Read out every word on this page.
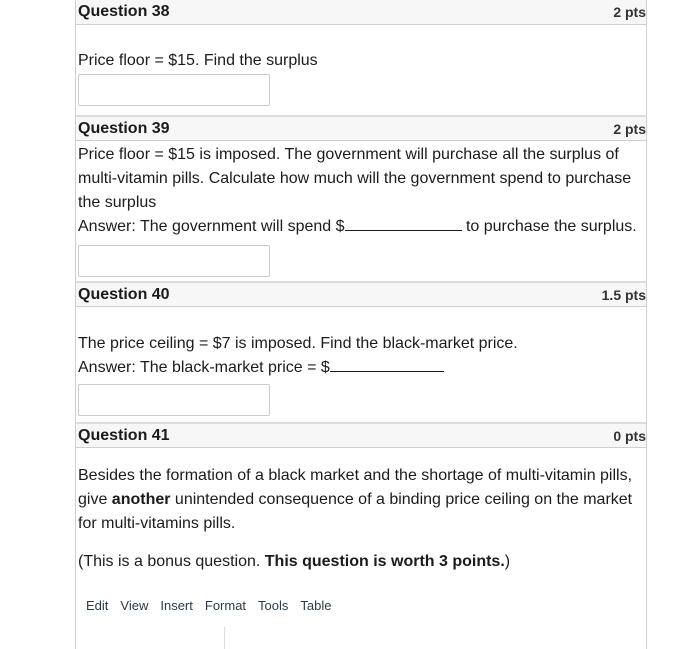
Question 38	2 pts
Price floor = $15. Find the surplus
Question 39	2 pts
Price floor = $15 is imposed. The government will purchase all the surplus of multi-vitamin pills. Calculate how much will the government spend to purchase the surplus
Answer: The government will spend $	to purchase the surplus.
Question 40	1.5 pts
The price ceiling = $7 is imposed. Find the black-market price.
Answer: The black-market price = $
Question 41	0 pts
Besides the formation of a black market and the shortage of multi-vitamin pills, give another unintended consequence of a binding price ceiling on the market for multi-vitamins pills.
(This is a bonus question. This question is worth 3 points.)
Edit View Insert Format Tools Table
